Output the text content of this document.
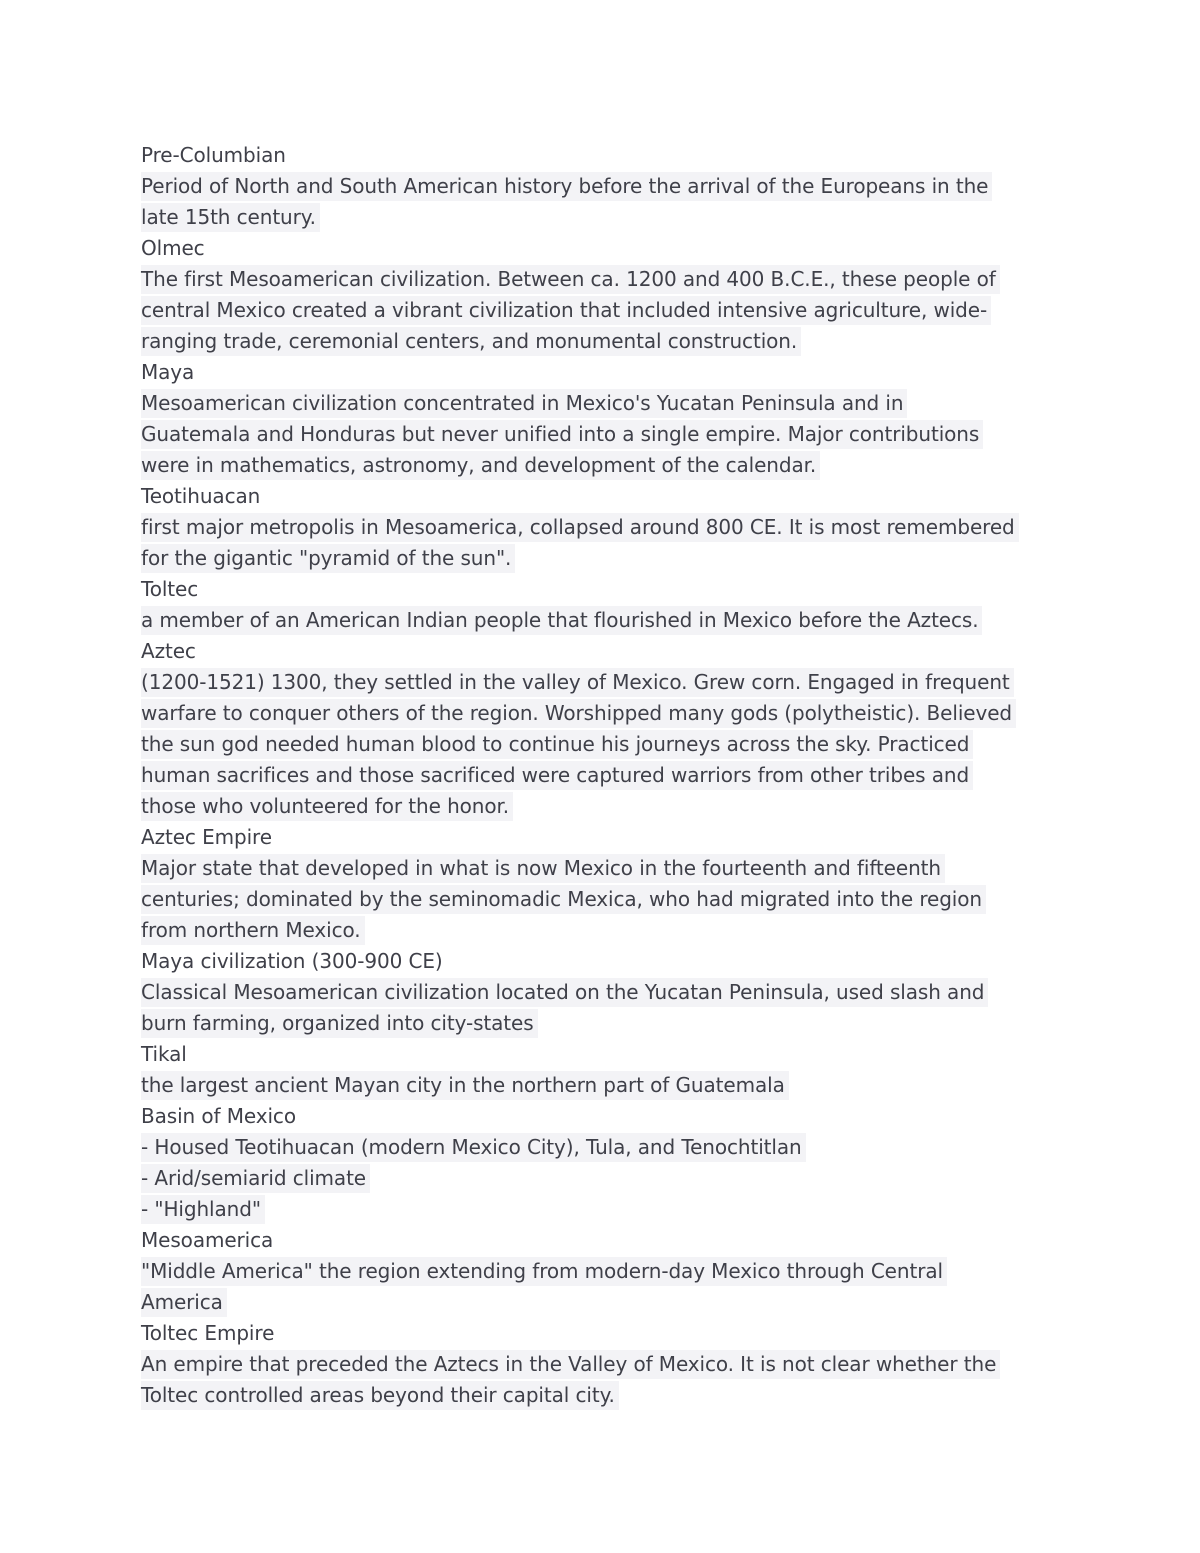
Pre-Columbian
Period of North and South American history before the arrival of the Europeans in the
late 15th century.
Olmec
The first Mesoamerican civilization. Between ca. 1200 and 400 B.C.E., these people of
central Mexico created a vibrant civilization that included intensive agriculture, wide-
ranging trade, ceremonial centers, and monumental construction.
Maya
Mesoamerican civilization concentrated in Mexico's Yucatan Peninsula and in
Guatemala and Honduras but never unified into a single empire. Major contributions
were in mathematics, astronomy, and development of the calendar.
Teotihuacan
first major metropolis in Mesoamerica, collapsed around 800 CE. It is most remembered
for the gigantic "pyramid of the sun".
Toltec
a member of an American Indian people that flourished in Mexico before the Aztecs.
Aztec
(1200-1521) 1300, they settled in the valley of Mexico. Grew corn. Engaged in frequent
warfare to conquer others of the region. Worshipped many gods (polytheistic). Believed
the sun god needed human blood to continue his journeys across the sky. Practiced
human sacrifices and those sacrificed were captured warriors from other tribes and
those who volunteered for the honor.
Aztec Empire
Major state that developed in what is now Mexico in the fourteenth and fifteenth
centuries; dominated by the seminomadic Mexica, who had migrated into the region
from northern Mexico.
Maya civilization (300-900 CE)
Classical Mesoamerican civilization located on the Yucatan Peninsula, used slash and
burn farming, organized into city-states
Tikal
the largest ancient Mayan city in the northern part of Guatemala
Basin of Mexico
- Housed Teotihuacan (modern Mexico City), Tula, and Tenochtitlan
- Arid/semiarid climate
- "Highland"
Mesoamerica
"Middle America" the region extending from modern-day Mexico through Central
America
Toltec Empire
An empire that preceded the Aztecs in the Valley of Mexico. It is not clear whether the
Toltec controlled areas beyond their capital city.
